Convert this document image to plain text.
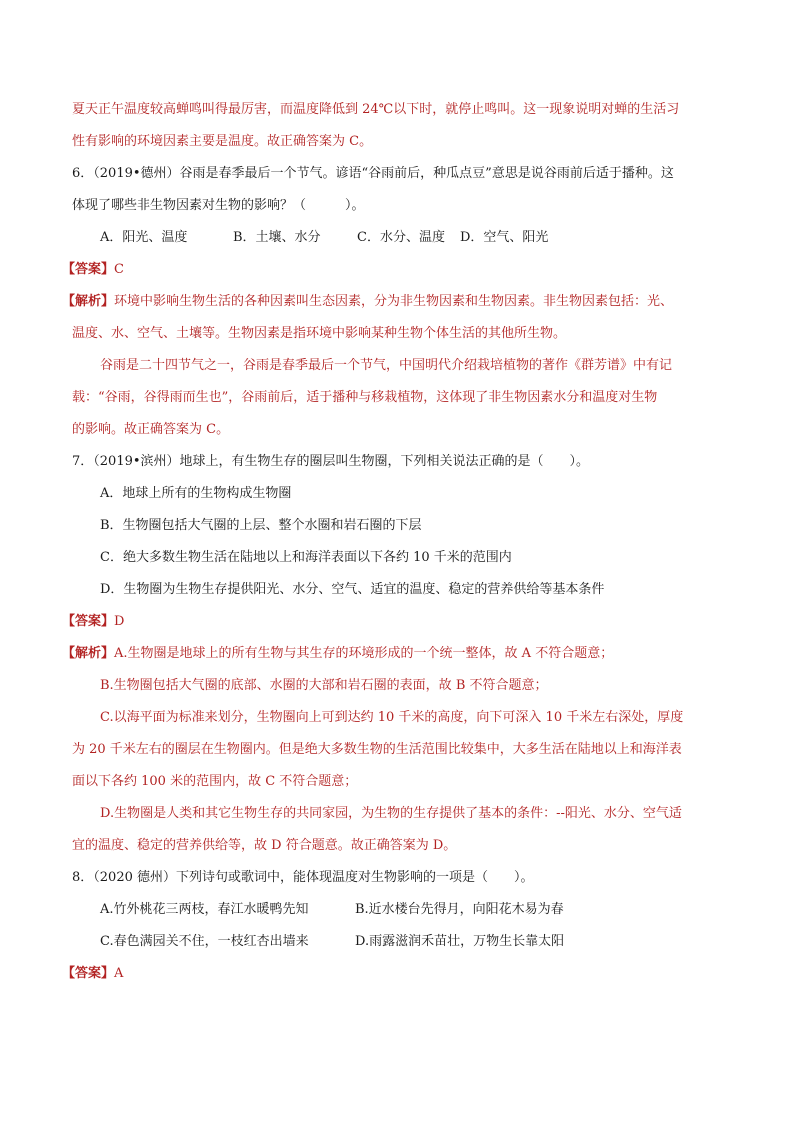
夏天正午温度较高蝉鸣叫得最厉害，而温度降低到 24℃以下时，就停止鸣叫。这一现象说明对蝉的生活习
性有影响的环境因素主要是温度。故正确答案为 C。
6．（2019•德州）谷雨是春季最后一个节气。谚语“谷雨前后，种瓜点豆”意思是说谷雨前后适于播种。这
体现了哪些非生物因素对生物的影响？（　　　）。
A．阳光、温度	B．土壤、水分	C．水分、温度 D．空气、阳光
【答案】C
【解析】环境中影响生物生活的各种因素叫生态因素，分为非生物因素和生物因素。非生物因素包括：光、
温度、水、空气、土壤等。生物因素是指环境中影响某种生物个体生活的其他所生物。
谷雨是二十四节气之一，谷雨是春季最后一个节气，中国明代介绍栽培植物的著作《群芳谱》中有记
载：“谷雨，谷得雨而生也”，谷雨前后，适于播种与移栽植物，这体现了非生物因素水分和温度对生物
的影响。故正确答案为 C。
7．（2019•滨州）地球上，有生物生存的圈层叫生物圈，下列相关说法正确的是（　　）。
A．地球上所有的生物构成生物圈
B．生物圈包括大气圈的上层、整个水圈和岩石圈的下层
C．绝大多数生物生活在陆地以上和海洋表面以下各约 10 千米的范围内
D．生物圈为生物生存提供阳光、水分、空气、适宜的温度、稳定的营养供给等基本条件
【答案】D
【解析】A.生物圈是地球上的所有生物与其生存的环境形成的一个统一整体，故 A 不符合题意；
B.生物圈包括大气圈的底部、水圈的大部和岩石圈的表面，故 B 不符合题意；
C.以海平面为标准来划分，生物圈向上可到达约 10 千米的高度，向下可深入 10 千米左右深处，厚度
为 20 千米左右的圈层在生物圈内。但是绝大多数生物的生活范围比较集中，大多生活在陆地以上和海洋表
面以下各约 100 米的范围内，故 C 不符合题意；
D.生物圈是人类和其它生物生存的共同家园，为生物的生存提供了基本的条件：--阳光、水分、空气适
宜的温度、稳定的营养供给等，故 D 符合题意。故正确答案为 D。
8．（2020 德州）下列诗句或歌词中，能体现温度对生物影响的一项是（　　）。
A.竹外桃花三两枝，春江水暖鸭先知	B.近水楼台先得月，向阳花木易为春
C.春色满园关不住，一枝红杏出墙来	D.雨露滋润禾苗壮，万物生长靠太阳
【答案】A
